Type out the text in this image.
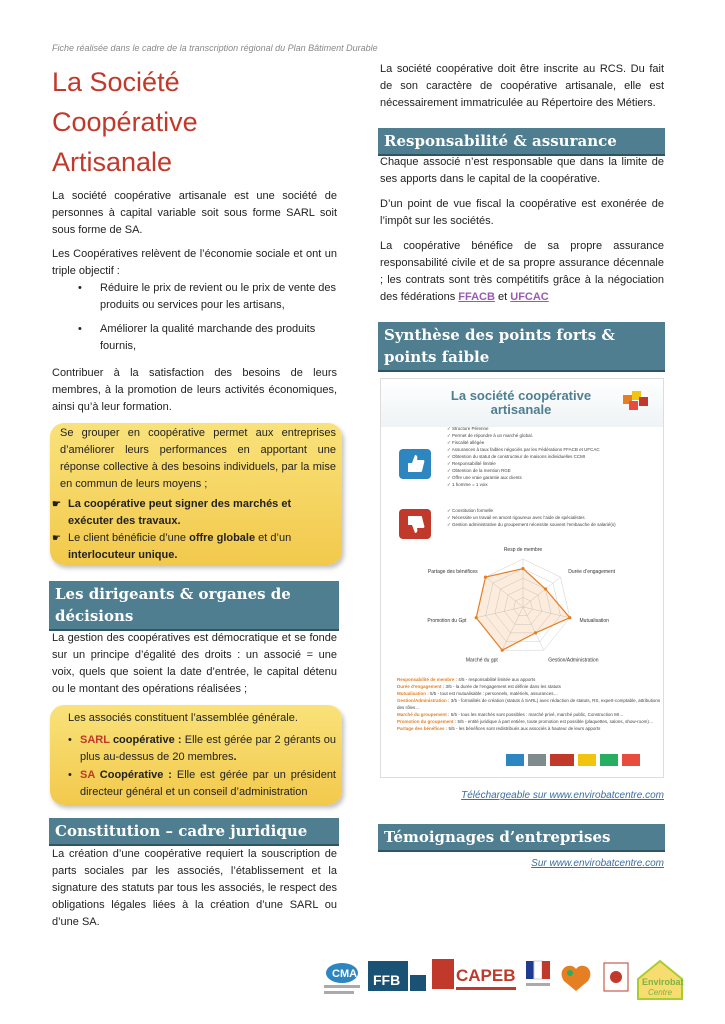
Fiche réalisée dans le cadre de la transcription régional du Plan Bâtiment Durable
La Société
Coopérative
Artisanale
La société coopérative artisanale est une société de personnes à capital variable soit sous forme SARL soit sous forme de SA.
Les Coopératives relèvent de l’économie sociale et ont un triple objectif :
• Réduire le prix de revient ou le prix de vente des produits ou services pour les artisans,
• Améliorer la qualité marchande des produits fournis,
Contribuer à la satisfaction des besoins de leurs membres, à la promotion de leurs activités économiques, ainsi qu’à leur formation.
Se grouper en coopérative permet aux entreprises d’améliorer leurs performances en apportant une réponse collective à des besoins individuels, par la mise en commun de leurs moyens ;
☛ La coopérative peut signer des marchés et exécuter des travaux.
☛ Le client bénéficie d’une offre globale et d’un interlocuteur unique.
Les dirigeants & organes de décisions
La gestion des coopératives est démocratique et se fonde sur un principe d’égalité des droits : un associé = une voix, quels que soient la date d’entrée, le capital détenu ou le montant des opérations réalisées ;
Les associés constituent l’assemblée générale.
• SARL coopérative : Elle est gérée par 2 gérants ou plus au-dessus de 20 membres.
• SA Coopérative : Elle est gérée par un président directeur général et un conseil d’administration
Constitution – cadre juridique
La création d’une coopérative requiert la souscription de parts sociales par les associés, l’établissement et la signature des statuts par tous les associés, le respect des obligations légales liées à la création d’une SARL ou d’une SA.
La société coopérative doit être inscrite au RCS. Du fait de son caractère de coopérative artisanale, elle est nécessairement immatriculée au Répertoire des Métiers.
Responsabilité & assurance
Chaque associé n’est responsable que dans la limite de ses apports dans le capital de la coopérative.
D’un point de vue fiscal la coopérative est exonérée de l’impôt sur les sociétés.
La coopérative bénéfice de sa propre assurance responsabilité civile et de sa propre assurance décennale ; les contrats sont très compétitifs grâce à la négociation des fédérations FFACB et UFCAC
Synthèse des points forts & points faible
La société coopérative artisanale
✓ Structure Pérenne
✓ Permet de répondre à un marché global.
✓ Fiscalité allégée
✓ Assurances à taux faibles négociés par les Fédérations FFACB et UFCAC
✓ Obtention du statut de constructeur de maisons individuelles CCMI
✓ Responsabilité limitée
✓ Obtention de la mention RGE
✓ Offre une vraie garantie aux clients
✓ 1 homme = 1 voix
✓ Constitution formelle
✓ Nécessite un travail en amont rigoureux avec l’aide de spécialistes
✓ Gestion administrative du groupement nécessite souvent l’embauche de salarié(s)
Resp de membre
Durée d’engagement
Mutualisation
Gestion/Administration
Marché du gpt
Promotion du Gpt
Partage des bénéfices
Responsabilité de membre : 4/5 - responsabilité limitée aux apports
Durée d’engagement : 3/5 - la durée de l’engagement est définie dans les statuts
Mutualisation : 5/5 - tout est mutualisable : personnels, matériels, assurances…
Gestion/Administration : 3/5 - formalités de création (statuts à SARL) avec rédaction de statuts, RS, expert-comptable, attributions des rôles…
Marché du groupement : 5/5 - tous les marchés sont possibles : marché privé, marché public, Construction MI…
Promotion du groupement : 5/5 - entité juridique à part entière, toute promotion est possible (plaquettes, salons, show-room)…
Partage des bénéfices : 5/5 - les bénéfices sont redistribués aux associés à hauteur de leurs apports
Téléchargeable sur www.envirobatcentre.com
Témoignages d’entreprises
Sur www.envirobatcentre.com
CMA FFB	CAPEB	Envirobat
Centre
